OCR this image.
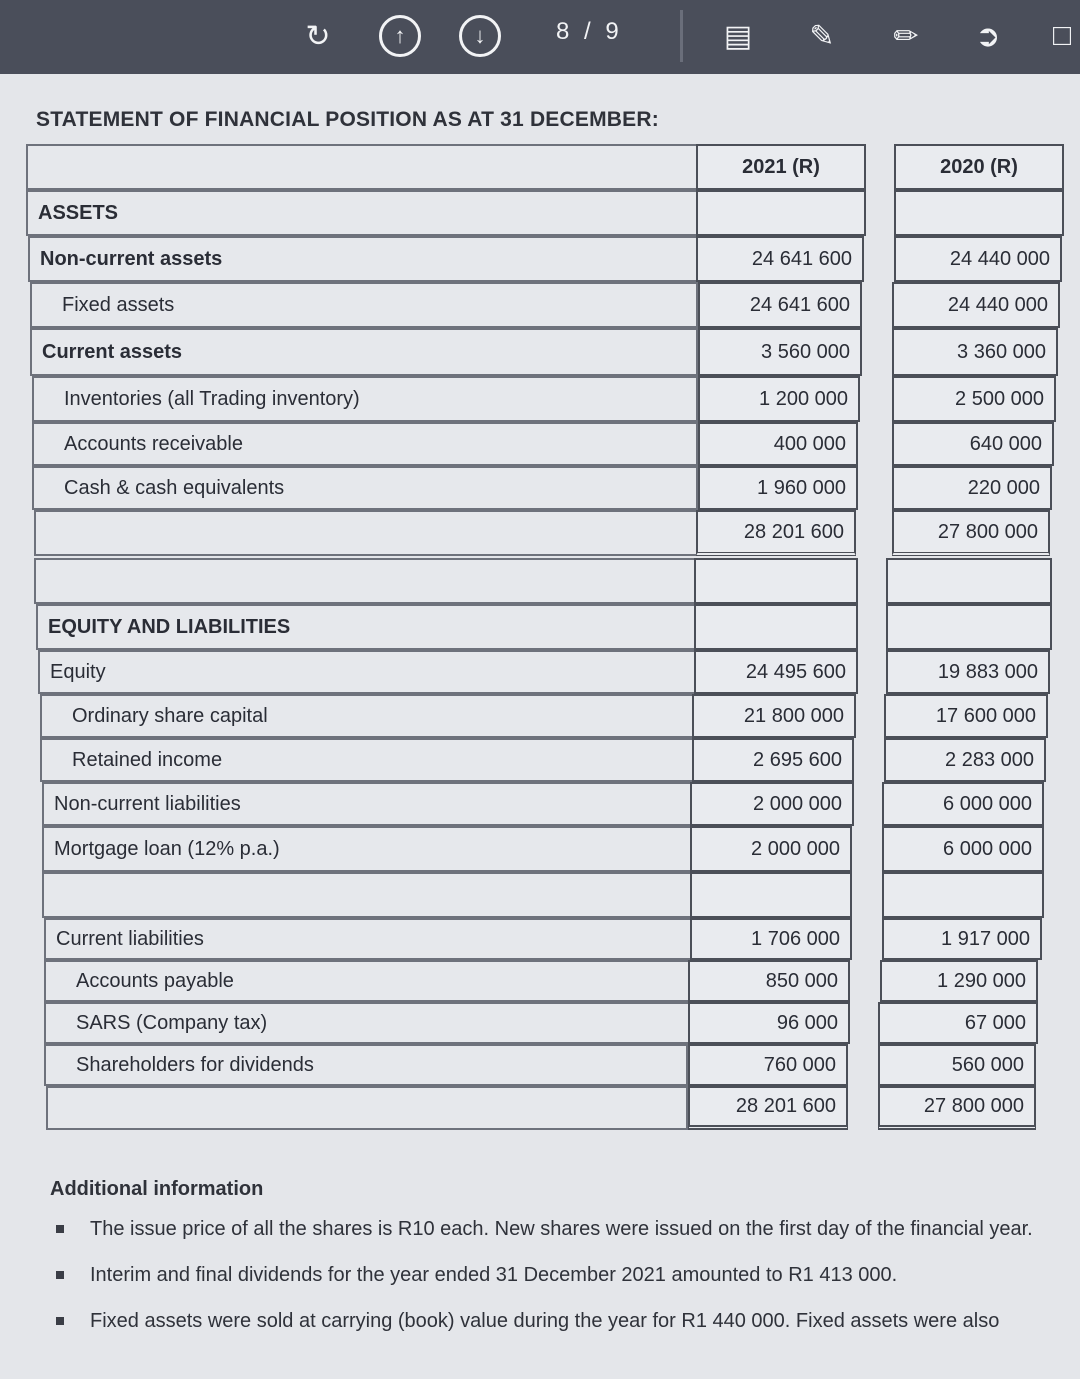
↻	↑	↓	8 / 9	▤	✎	✏	➲	□
STATEMENT OF FINANCIAL POSITION AS AT 31 DECEMBER:
2021 (R)	2020 (R)
ASSETS
Non-current assets	24 641 600	24 440 000
Fixed assets	24 641 600	24 440 000
Current assets	3 560 000	3 360 000
Inventories (all Trading inventory)	1 200 000	2 500 000
Accounts receivable	400 000	640 000
Cash & cash equivalents	1 960 000	220 000
28 201 600	27 800 000
EQUITY AND LIABILITIES
Equity	24 495 600	19 883 000
Ordinary share capital	21 800 000	17 600 000
Retained income	2 695 600	2 283 000
Non-current liabilities	2 000 000	6 000 000
Mortgage loan (12% p.a.)	2 000 000	6 000 000
Current liabilities	1 706 000	1 917 000
Accounts payable	850 000	1 290 000
SARS (Company tax)	96 000	67 000
Shareholders for dividends	760 000	560 000
28 201 600	27 800 000
Additional information
The issue price of all the shares is R10 each. New shares were issued on the first day of the financial year.
Interim and final dividends for the year ended 31 December 2021 amounted to R1 413 000.
Fixed assets were sold at carrying (book) value during the year for R1 440 000. Fixed assets were also
